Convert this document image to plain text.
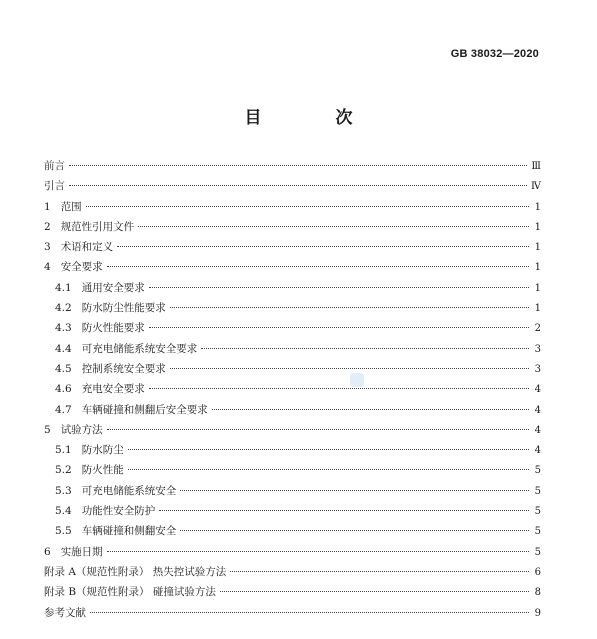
GB 38032—2020
目 次
前言	Ⅲ
引言	Ⅳ
1 范围	1
2 规范性引用文件	1
3 术语和定义	1
4 安全要求	1
4.1 通用安全要求	1
4.2 防水防尘性能要求	1
4.3 防火性能要求	2
4.4 可充电储能系统安全要求	3
4.5 控制系统安全要求	3
4.6 充电安全要求	4
4.7 车辆碰撞和侧翻后安全要求	4
5 试验方法	4
5.1 防水防尘	4
5.2 防火性能	5
5.3 可充电储能系统安全	5
5.4 功能性安全防护	5
5.5 车辆碰撞和侧翻安全	5
6 实施日期	5
附录 A（规范性附录） 热失控试验方法	6
附录 B（规范性附录） 碰撞试验方法	8
参考文献	9
